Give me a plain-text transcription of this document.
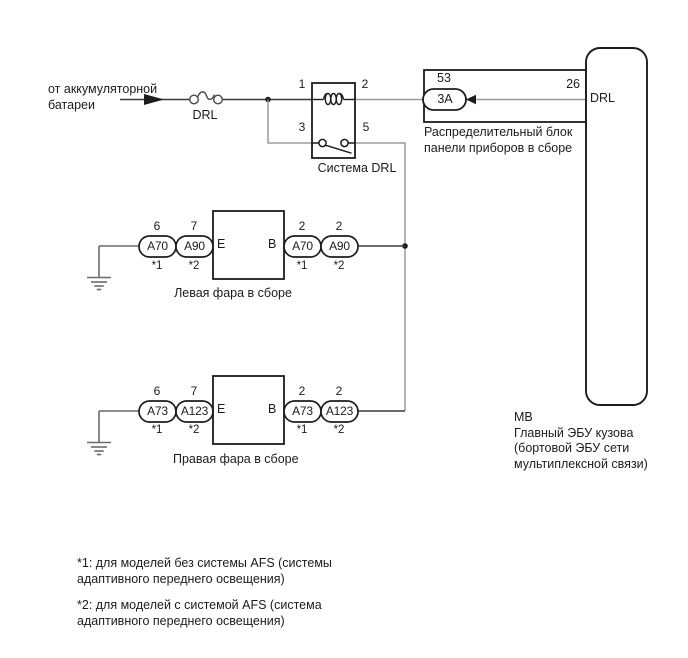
от аккумуляторной
батареи
DRL
1	2
3	5
Система DRL
53
3A
Распределительный блок
панели приборов в сборе
26
DRL
MB
Главный ЭБУ кузова
(бортовой ЭБУ сети
мультиплексной связи)
6	7
A70	A90
*1	*2
E	B
2	2
A70	A90
*1	*2
Левая фара в сборе
6	7
A73	A123
*1	*2
E	B
2	2
A73	A123
*1	*2
Правая фара в сборе
*1: для моделей без системы AFS (системы
адаптивного переднего освещения)
*2: для моделей с системой AFS (система
адаптивного переднего освещения)
